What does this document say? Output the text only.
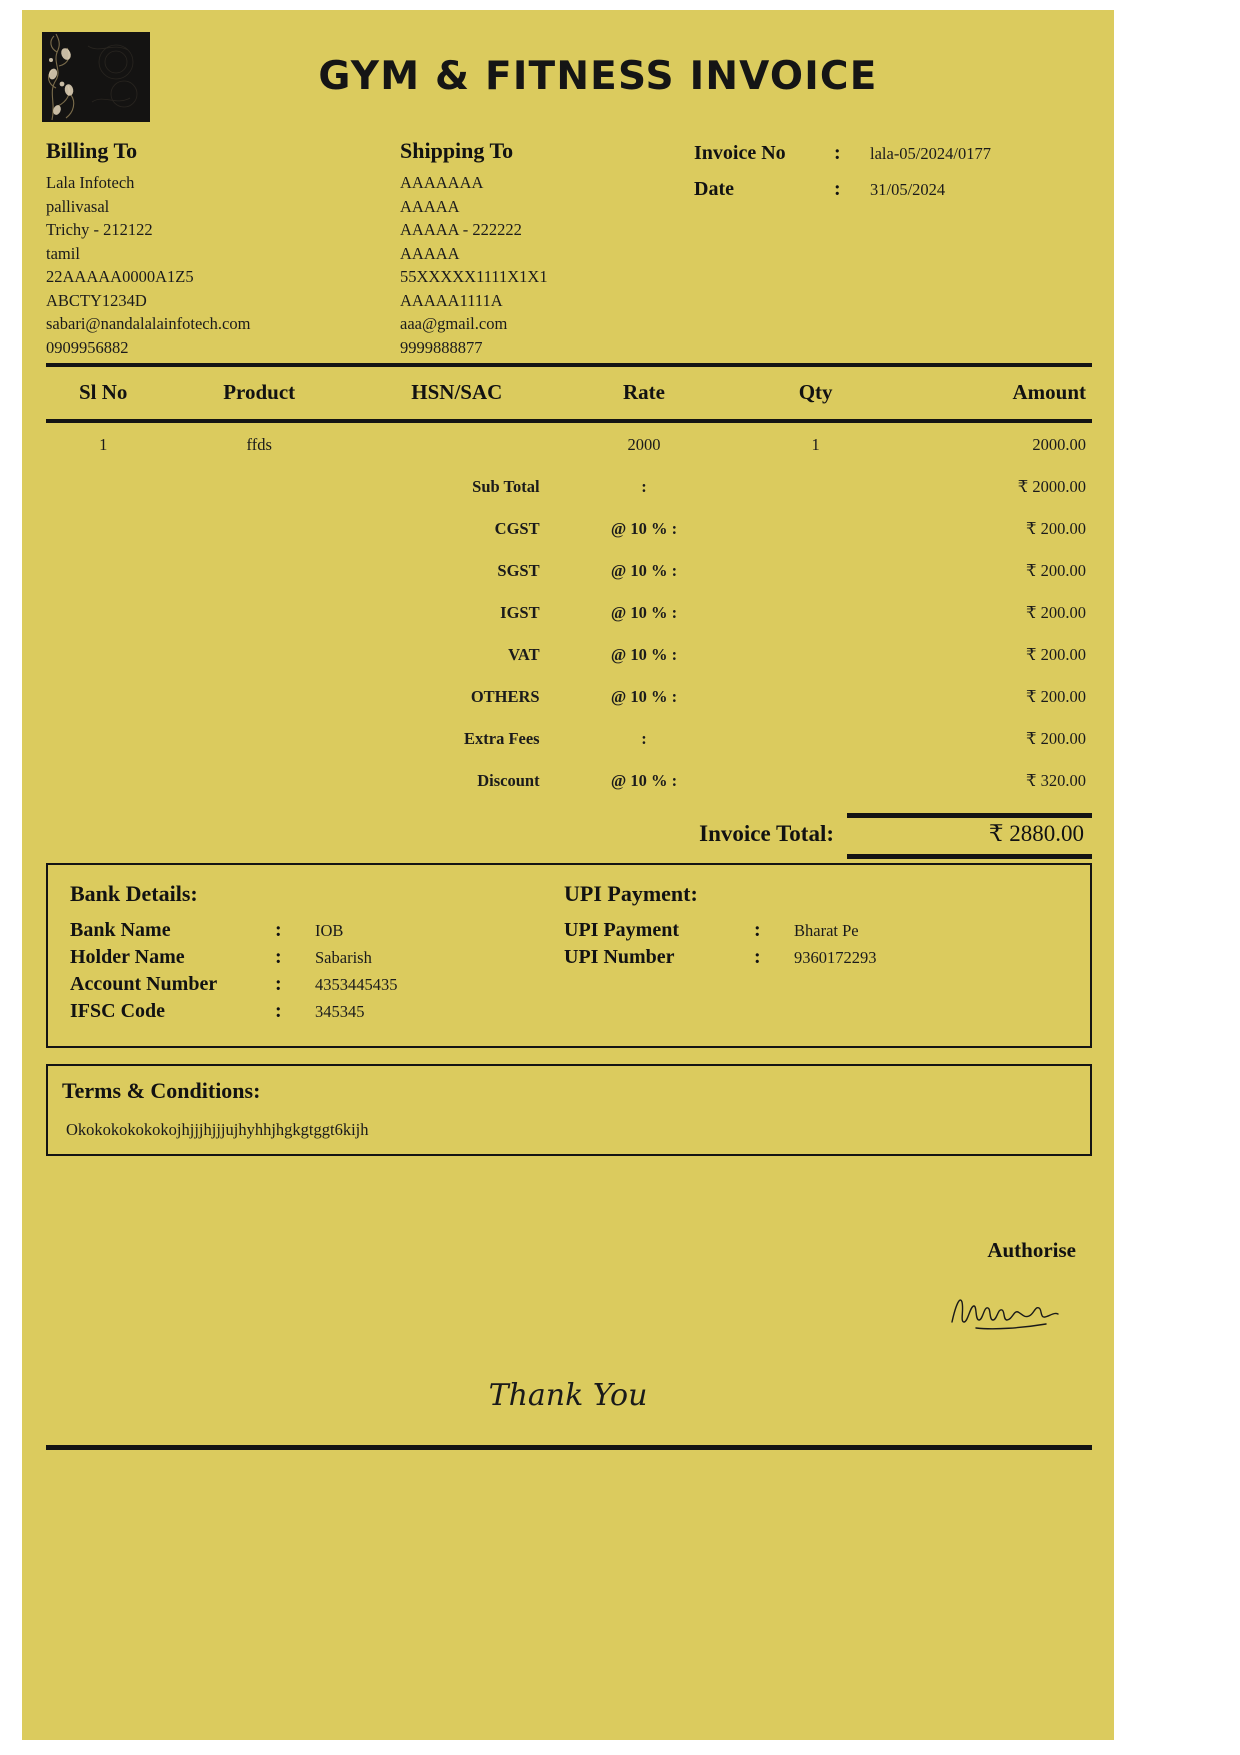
GYM & FITNESS INVOICE
Billing To
Lala Infotech
pallivasal
Trichy - 212122
tamil
22AAAAA0000A1Z5
ABCTY1234D
sabari@nandalalainfotech.com
0909956882
Shipping To
AAAAAAA
AAAAA
AAAAA - 222222
AAAAA
55XXXXX1111X1X1
AAAAA1111A
aaa@gmail.com
9999888877
Invoice No	:	lala-05/2024/0177
Date	:	31/05/2024
Sl No	Product	HSN/SAC	Rate	Qty	Amount
1	ffds		2000	1	2000.00
		Sub Total	:		₹ 2000.00
		CGST	@ 10 % :		₹ 200.00
		SGST	@ 10 % :		₹ 200.00
		IGST	@ 10 % :		₹ 200.00
		VAT	@ 10 % :		₹ 200.00
		OTHERS	@ 10 % :		₹ 200.00
		Extra Fees	:		₹ 200.00
		Discount	@ 10 % :		₹ 320.00
Invoice Total:	₹ 2880.00
Bank Details:
Bank Name	:	IOB
Holder Name	:	Sabarish
Account Number	:	4353445435
IFSC Code	:	345345
UPI Payment:
UPI Payment	:	Bharat Pe
UPI Number	:	9360172293
Terms & Conditions:
Okokokokokokojhjjjhjjjujhyhhjhgkgtggt6kijh
Authorise
Thank You
